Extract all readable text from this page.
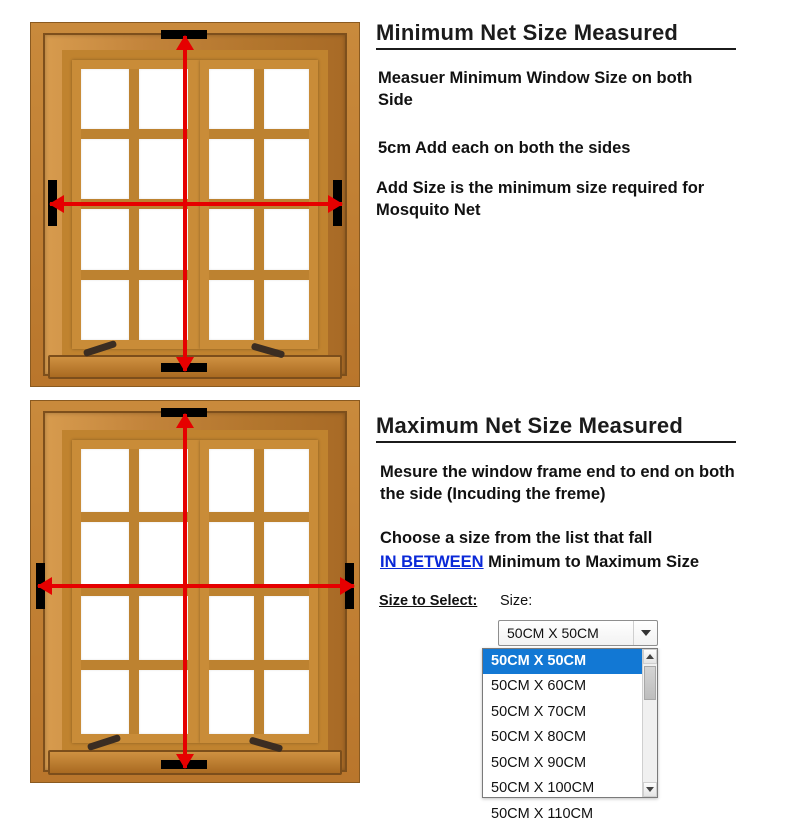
Minimum Net Size Measured
Measuer Minimum Window Size on both Side
5cm Add each on both the sides
Add Size is the minimum size required for Mosquito Net
Maximum Net Size Measured
Mesure the window frame end to end on both the side (Incuding the freme)
Choose a size from the list that fall
IN BETWEEN Minimum to Maximum Size
Size to Select: Size:
50CM X 50CM
50CM X 50CM
50CM X 60CM
50CM X 70CM
50CM X 80CM
50CM X 90CM
50CM X 100CM
50CM X 110CM
